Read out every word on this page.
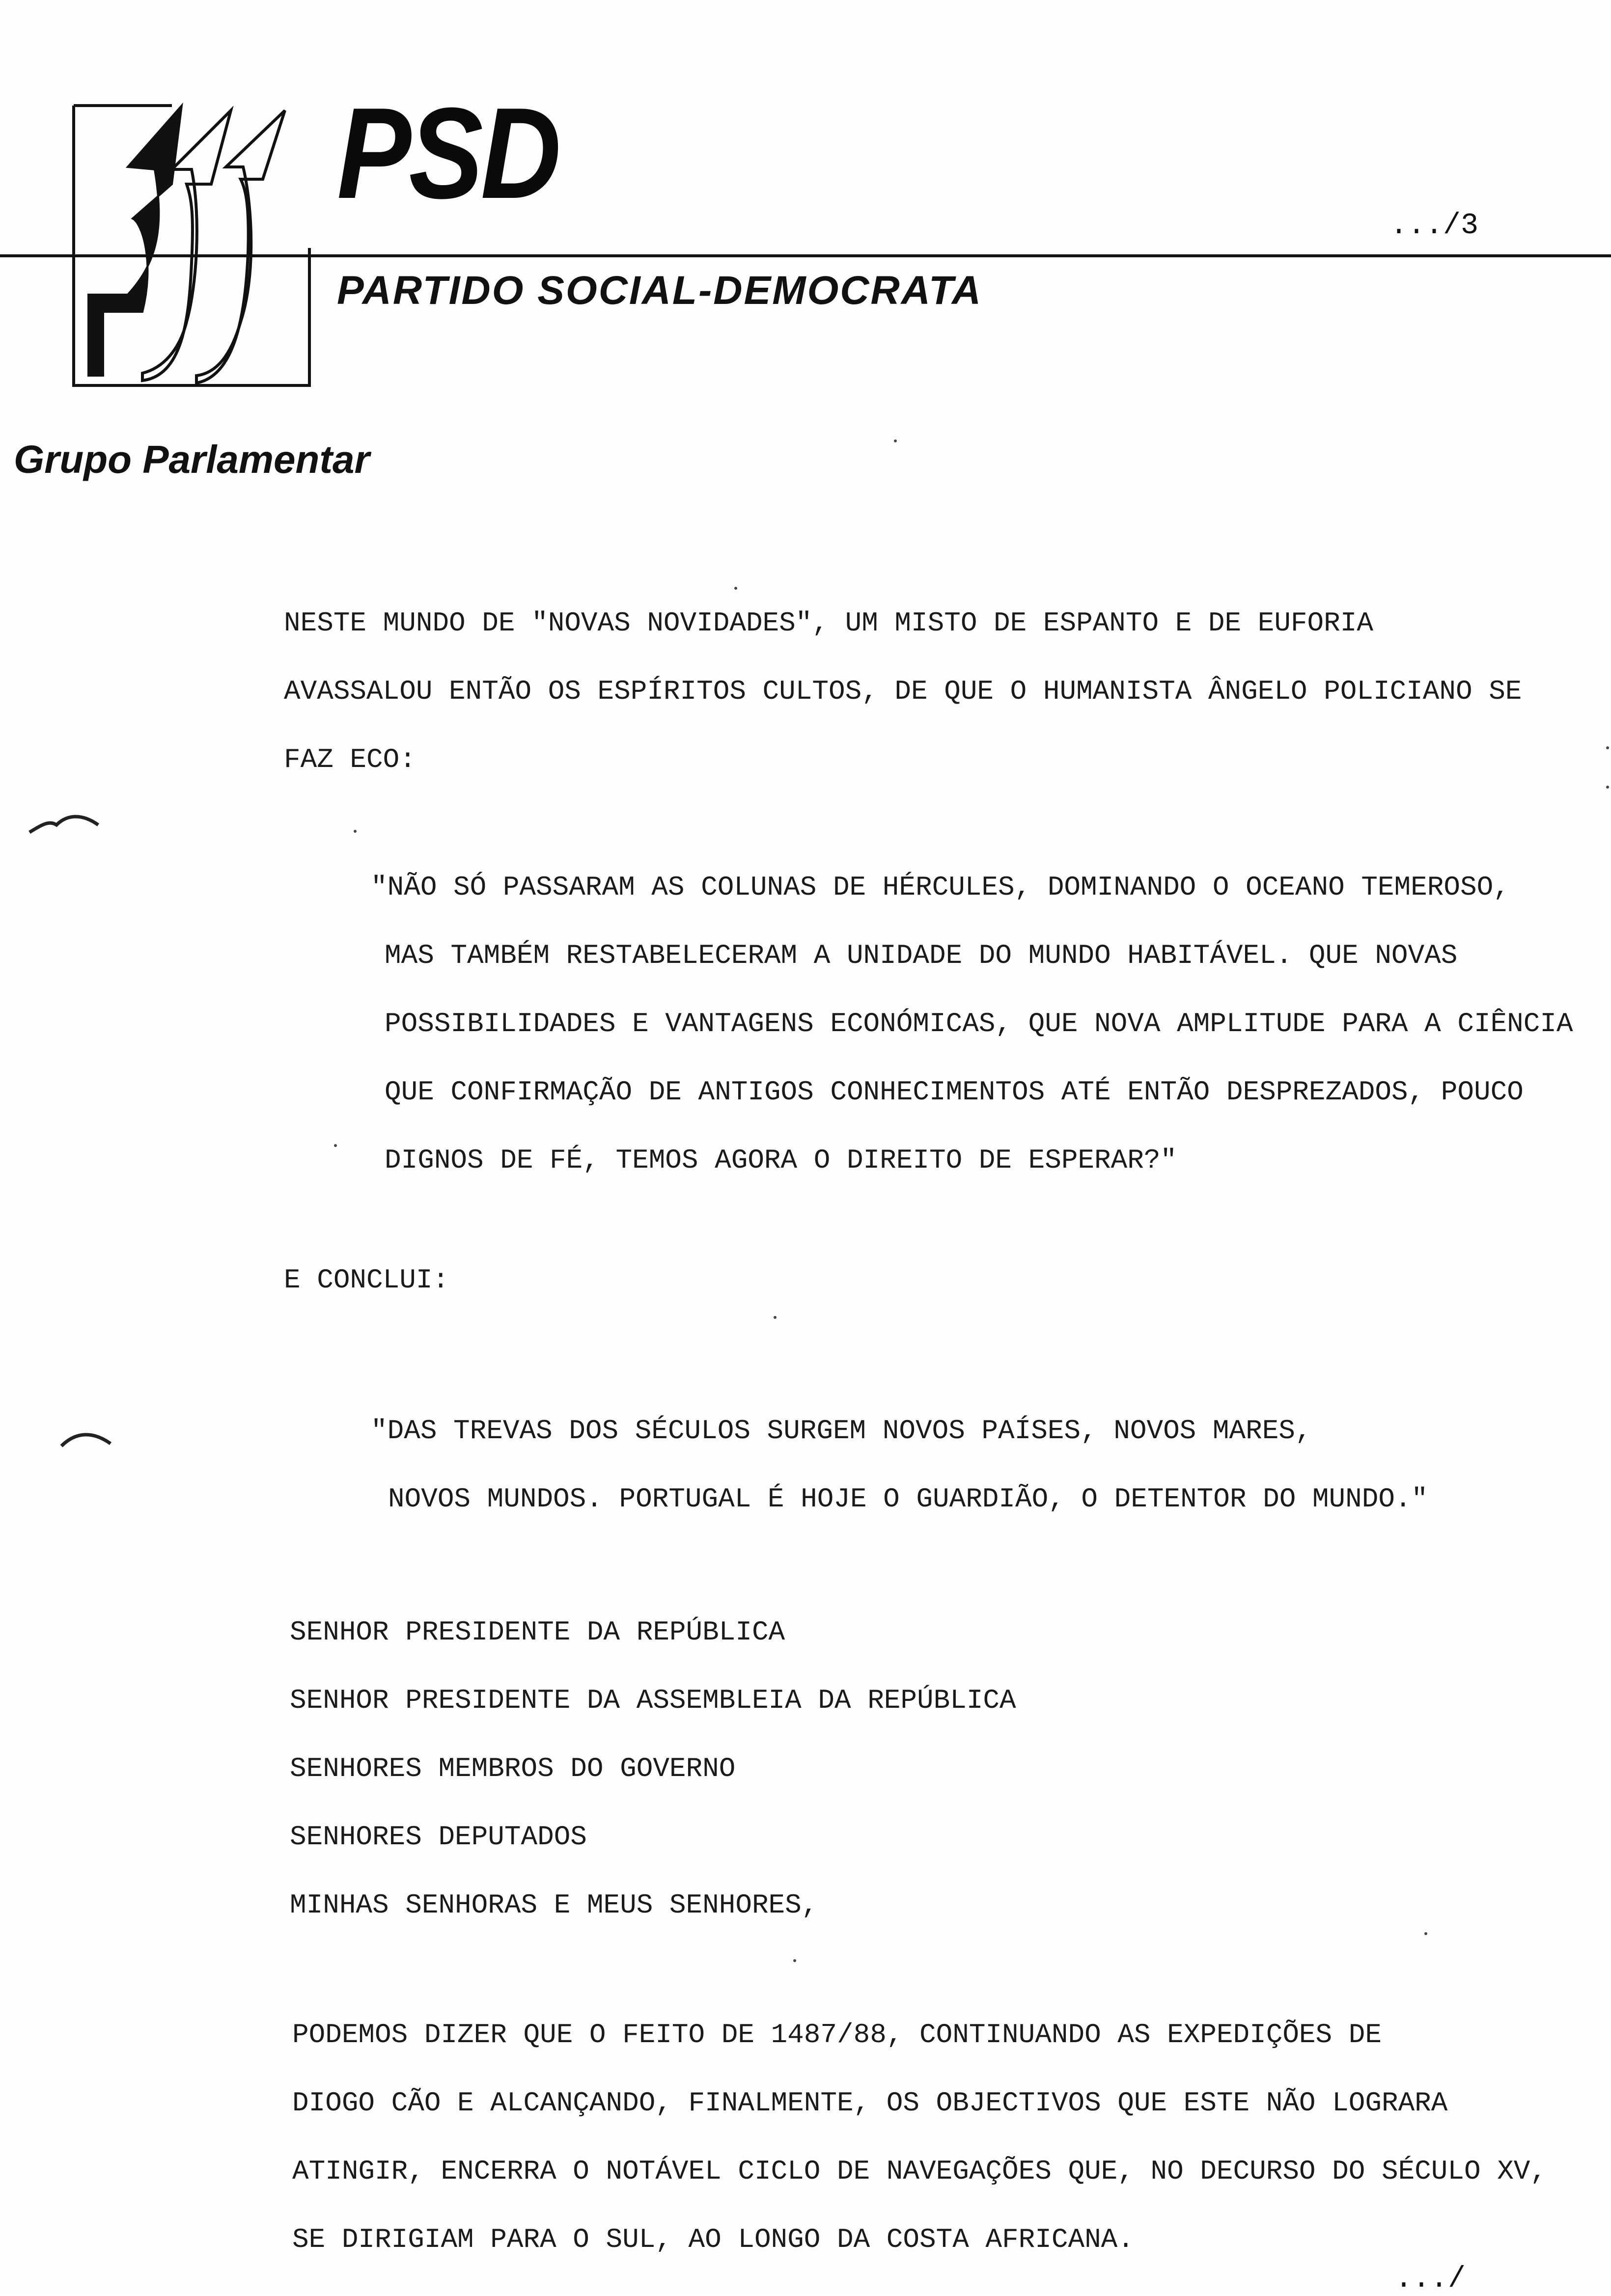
PSD
.../3
PARTIDO SOCIAL-DEMOCRATA
Grupo Parlamentar
NESTE MUNDO DE "NOVAS NOVIDADES", UM MISTO DE ESPANTO E DE EUFORIA
AVASSALOU ENTÃO OS ESPÍRITOS CULTOS, DE QUE O HUMANISTA ÂNGELO POLICIANO SE
FAZ ECO:
"NÃO SÓ PASSARAM AS COLUNAS DE HÉRCULES, DOMINANDO O OCEANO TEMEROSO,
MAS TAMBÉM RESTABELECERAM A UNIDADE DO MUNDO HABITÁVEL. QUE NOVAS
POSSIBILIDADES E VANTAGENS ECONÓMICAS, QUE NOVA AMPLITUDE PARA A CIÊNCIA
QUE CONFIRMAÇÃO DE ANTIGOS CONHECIMENTOS ATÉ ENTÃO DESPREZADOS, POUCO
DIGNOS DE FÉ, TEMOS AGORA O DIREITO DE ESPERAR?"
E CONCLUI:
"DAS TREVAS DOS SÉCULOS SURGEM NOVOS PAÍSES, NOVOS MARES,
NOVOS MUNDOS. PORTUGAL É HOJE O GUARDIÃO, O DETENTOR DO MUNDO."
SENHOR PRESIDENTE DA REPÚBLICA
SENHOR PRESIDENTE DA ASSEMBLEIA DA REPÚBLICA
SENHORES MEMBROS DO GOVERNO
SENHORES DEPUTADOS
MINHAS SENHORAS E MEUS SENHORES,
PODEMOS DIZER QUE O FEITO DE 1487/88, CONTINUANDO AS EXPEDIÇÕES DE
DIOGO CÃO E ALCANÇANDO, FINALMENTE, OS OBJECTIVOS QUE ESTE NÃO LOGRARA
ATINGIR, ENCERRA O NOTÁVEL CICLO DE NAVEGAÇÕES QUE, NO DECURSO DO SÉCULO XV,
SE DIRIGIAM PARA O SUL, AO LONGO DA COSTA AFRICANA.
.../
